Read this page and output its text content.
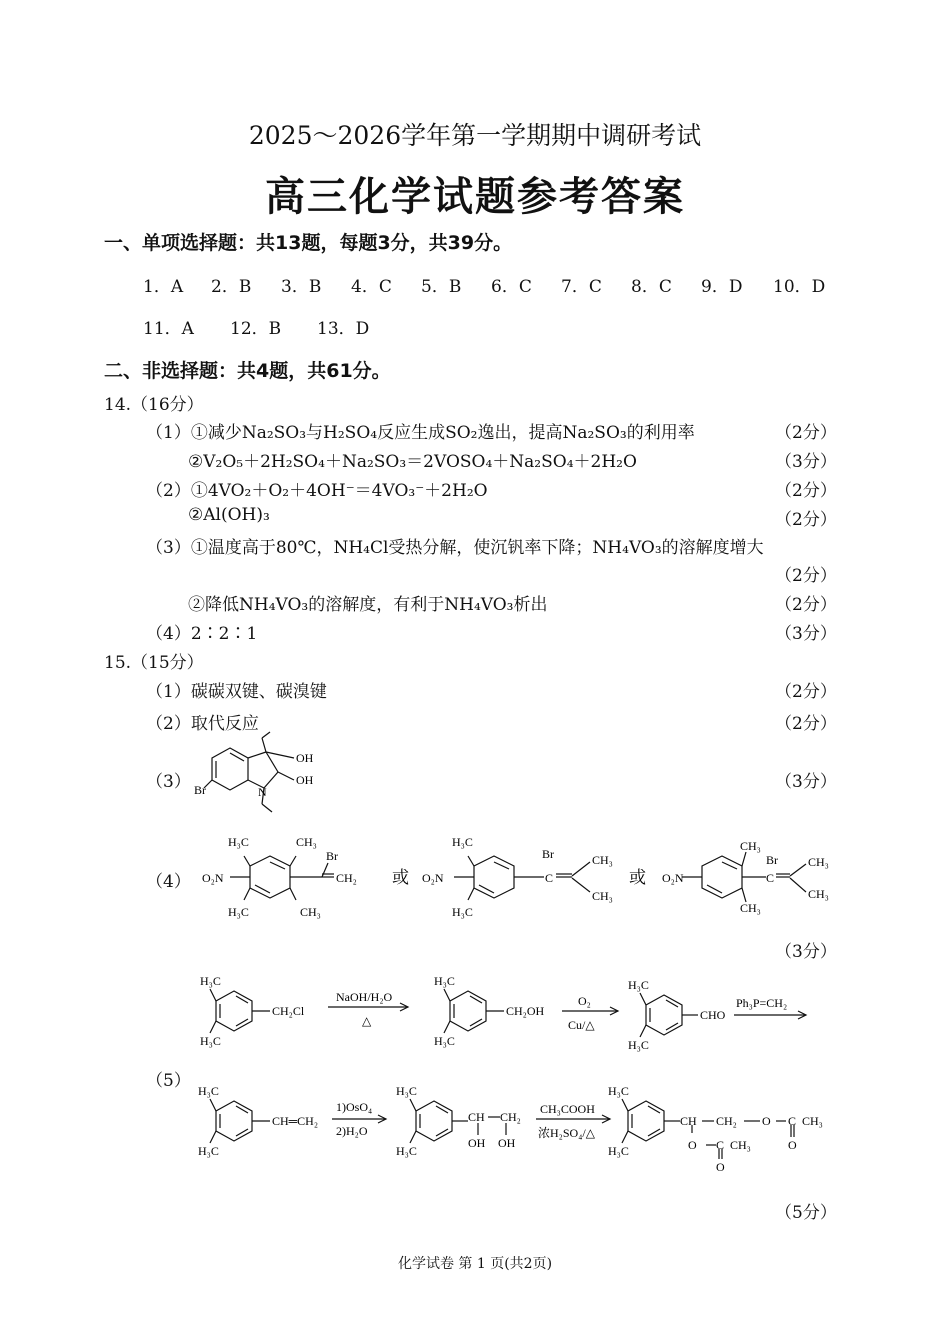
2025～2026学年第一学期期中调研考试
高三化学试题参考答案
一、单项选择题：共13题，每题3分，共39分。
1．A 2．B 3．B 4．C 5．B 6．C 7．C 8．C 9．D 10．D
11．A 12．B 13．D
二、非选择题：共4题，共61分。
14.（16分）
（1）①减少Na₂SO₃与H₂SO₄反应生成SO₂逸出，提高Na₂SO₃的利用率	（2分）
②V₂O₅＋2H₂SO₄＋Na₂SO₃＝2VOSO₄＋Na₂SO₄＋2H₂O	（3分）
（2）①4VO₂＋O₂＋4OH⁻＝4VO₃⁻＋2H₂O	（2分）
②Al(OH)₃	（2分）
（3）①温度高于80℃，NH₄Cl受热分解，使沉钒率下降；NH₄VO₃的溶解度增大
（2分）
②降低NH₄VO₃的溶解度，有利于NH₄VO₃析出	（2分）
（4）2∶2∶1	（3分）
15.（15分）
（1）碳碳双键、碳溴键	（2分）
（2）取代反应	（2分）
（3）	（3分）
（4）
（3分）
（5）
（5分）
OH
OH
N
Br
H₃C	CH₃
O₂N
Br
CH₂
H₃C	CH₃
H₃C
O₂N
Br
C
CH₃
CH₃
H₃C
O₂N
CH₃
Br
C
CH₃
CH₃
CH₃
或	或
H₃C
H₃C
CH₂Cl
NaOH/H₂O
△
H₃C
H₃C
CH₂OH
O₂
Cu/△
H₃C
H₃C
CHO
Ph₃P=CH₂
H₃C
H₃C
CH═CH₂
1)OsO₄
2)H₂O
H₃C
H₃C
CH CH₂
OH OH
CH₃COOH
浓H₂SO₄/△
H₃C
H₃C
CH CH₂ O C CH₃
O
O C CH₃
O
化学试卷 第 1 页(共2页)
